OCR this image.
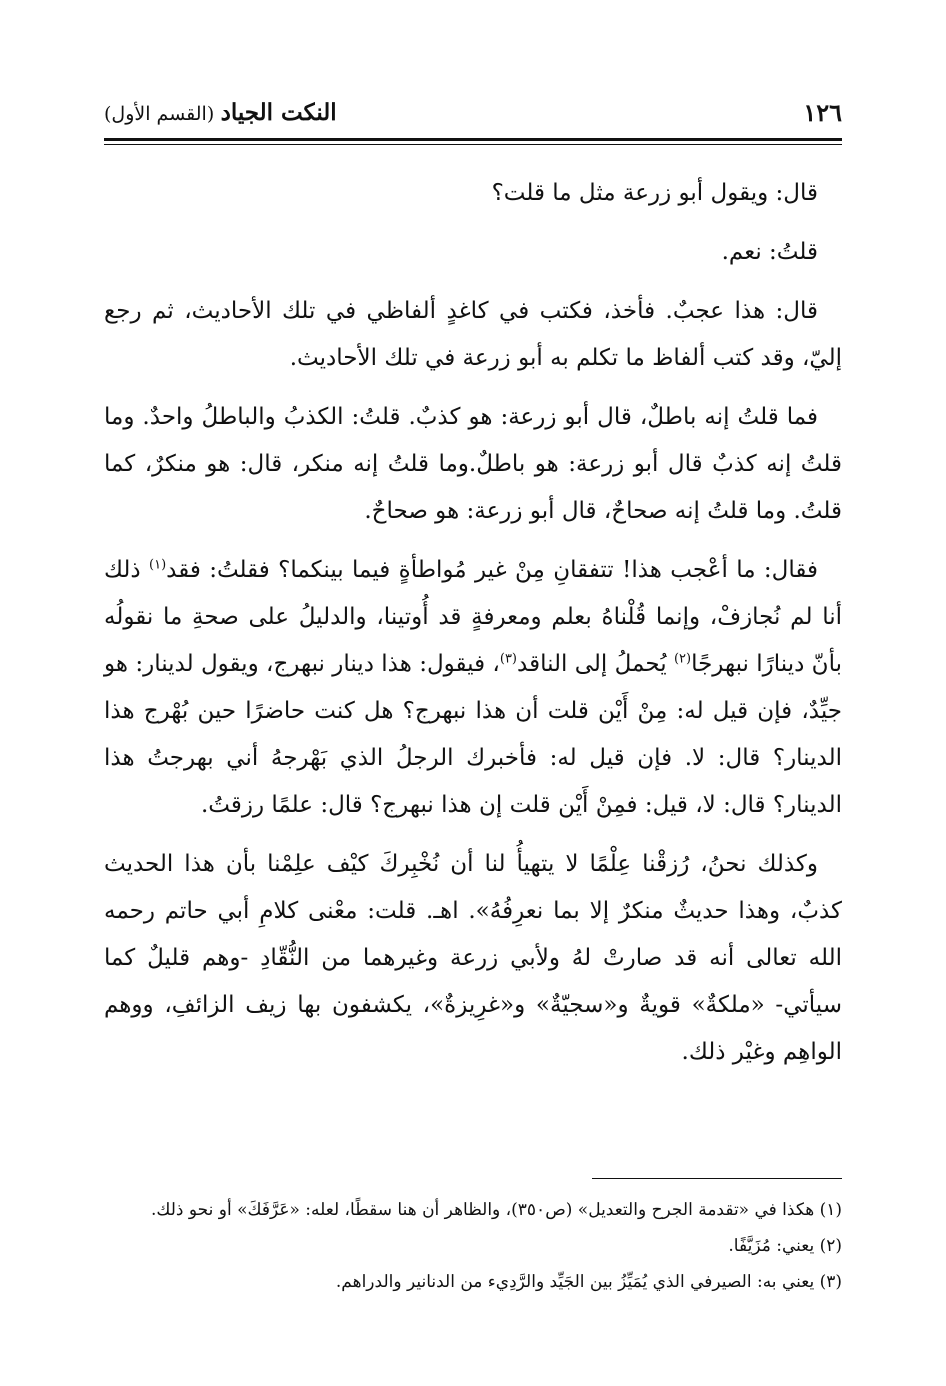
١٢٦
النكت الجياد (القسم الأول)

قال: ويقول أبو زرعة مثل ما قلت؟

قلتُ: نعم.

قال: هذا عجبٌ. فأخذ، فكتب في كاغدٍ ألفاظي في تلك الأحاديث، ثم رجع إليّ، وقد كتب ألفاظ ما تكلم به أبو زرعة في تلك الأحاديث.

فما قلتُ إنه باطلٌ، قال أبو زرعة: هو كذبٌ. قلتُ: الكذبُ والباطلُ واحدٌ. وما قلتُ إنه كذبٌ قال أبو زرعة: هو باطلٌ.وما قلتُ إنه منكر، قال: هو منكرٌ، كما قلتُ. وما قلتُ إنه صحاحٌ، قال أبو زرعة: هو صحاحٌ.

فقال: ما أعْجب هذا! تتفقانِ مِنْ غير مُواطأةٍ فيما بينكما؟ فقلتُ: فقد$^{(١)}$ ذلك أنا لم نُجازفْ، وإنما قُلْناهُ بعلم ومعرفةٍ قد أُوتينا، والدليلُ على صحةِ ما نقولُه بأنّ دينارًا نبهرجًا$^{(٢)}$ يُحملُ إلى الناقد$^{(٣)}$، فيقول: هذا دينار نبهرج، ويقول لدينار: هو جيِّدٌ، فإن قيل له: مِنْ أَيْن قلت أن هذا نبهرج؟ هل كنت حاضرًا حين بُهْرج هذا الدينار؟ قال: لا. فإن قيل له: فأخبرك الرجلُ الذي بَهْرجهُ أني بهرجتُ هذا الدينار؟ قال: لا، قيل: فمِنْ أَيْن قلت إن هذا نبهرج؟ قال: علمًا رزقتُ.

وكذلك نحنُ، رُزقْنا عِلْمًا لا يتهيأُ لنا أن نُخْبِركَ كيْف علِمْنا بأن هذا الحديث كذبٌ، وهذا حديثٌ منكرٌ إلا بما نعرِفُهُ». اهـ. قلت: معْنى كلامِ أبي حاتم رحمه الله تعالى أنه قد صارتْ لهُ ولأبي زرعة وغيرهما من النُّقّادِ -وهم قليلٌ كما سيأتي- «ملكةٌ» قويةٌ و«سجيّةٌ» و«غرِيزةٌ»، يكشفون بها زيف الزائفِ، ووهم الواهِم وغيْر ذلك.

(١) هكذا في «تقدمة الجرح والتعديل» (ص٣٥٠)، والظاهر أن هنا سقطًا، لعله: «عَرَّفَكَ» أو نحو ذلك.
(٢) يعني: مُزَيَّفًا.
(٣) يعني به: الصيرفي الذي يُمَيِّزُ بين الجَيِّد والرَّدِيء من الدنانير والدراهم.
